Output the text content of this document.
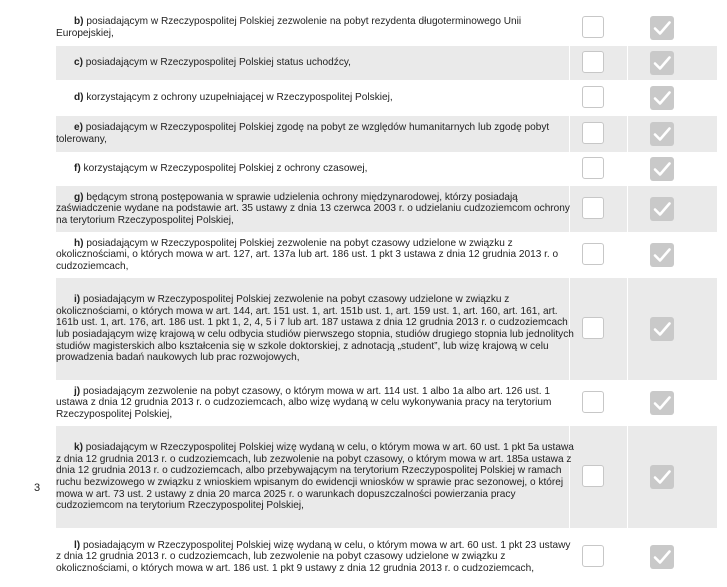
b) posiadającym w Rzeczypospolitej Polskiej zezwolenie na pobyt rezydenta długoterminowego Unii Europejskiej,

c) posiadającym w Rzeczypospolitej Polskiej status uchodźcy,

d) korzystającym z ochrony uzupełniającej w Rzeczypospolitej Polskiej,

e) posiadającym w Rzeczypospolitej Polskiej zgodę na pobyt ze względów humanitarnych lub zgodę pobyt tolerowany,

f) korzystającym w Rzeczypospolitej Polskiej z ochrony czasowej,

g) będącym stroną postępowania w sprawie udzielenia ochrony międzynarodowej, którzy posiadają zaświadczenie wydane na podstawie art. 35 ustawy z dnia 13 czerwca 2003 r. o udzielaniu cudzoziemcom ochrony na terytorium Rzeczypospolitej Polskiej,

h) posiadającym w Rzeczypospolitej Polskiej zezwolenie na pobyt czasowy udzielone w związku z okolicznościami, o których mowa w art. 127, art. 137a lub art. 186 ust. 1 pkt 3 ustawa z dnia 12 grudnia 2013 r. o cudzoziemcach,

i) posiadającym w Rzeczypospolitej Polskiej zezwolenie na pobyt czasowy udzielone w związku z okolicznościami, o których mowa w art. 144, art. 151 ust. 1, art. 151b ust. 1, art. 159 ust. 1, art. 160, art. 161, art. 161b ust. 1, art. 176, art. 186 ust. 1 pkt 1, 2, 4, 5 i 7 lub art. 187 ustawa z dnia 12 grudnia 2013 r. o cudzoziemcach lub posiadającym wizę krajową w celu odbycia studiów pierwszego stopnia, studiów drugiego stopnia lub jednolitych studiów magisterskich albo kształcenia się w szkole doktorskiej, z adnotacją „student”, lub wizę krajową w celu prowadzenia badań naukowych lub prac rozwojowych,

j) posiadającym zezwolenie na pobyt czasowy, o którym mowa w art. 114 ust. 1 albo 1a albo art. 126 ust. 1 ustawa z dnia 12 grudnia 2013 r. o cudzoziemcach, albo wizę wydaną w celu wykonywania pracy na terytorium Rzeczypospolitej Polskiej,

k) posiadającym w Rzeczypospolitej Polskiej wizę wydaną w celu, o którym mowa w art. 60 ust. 1 pkt 5a ustawa z dnia 12 grudnia 2013 r. o cudzoziemcach, lub zezwolenie na pobyt czasowy, o którym mowa w art. 185a ustawa z dnia 12 grudnia 2013 r. o cudzoziemcach, albo przebywającym na terytorium Rzeczypospolitej Polskiej w ramach ruchu bezwizowego w związku z wnioskiem wpisanym do ewidencji wniosków w sprawie prac sezonowej, o której mowa w art. 73 ust. 2 ustawy z dnia 20 marca 2025 r. o warunkach dopuszczalności powierzania pracy cudzoziemcom na terytorium Rzeczypospolitej Polskiej,

l) posiadającym w Rzeczypospolitej Polskiej wizę wydaną w celu, o którym mowa w art. 60 ust. 1 pkt 23 ustawy z dnia 12 grudnia 2013 r. o cudzoziemcach, lub zezwolenie na pobyt czasowy udzielone w związku z okolicznościami, o których mowa w art. 186 ust. 1 pkt 9 ustawy z dnia 12 grudnia 2013 r. o cudzoziemcach,

3
